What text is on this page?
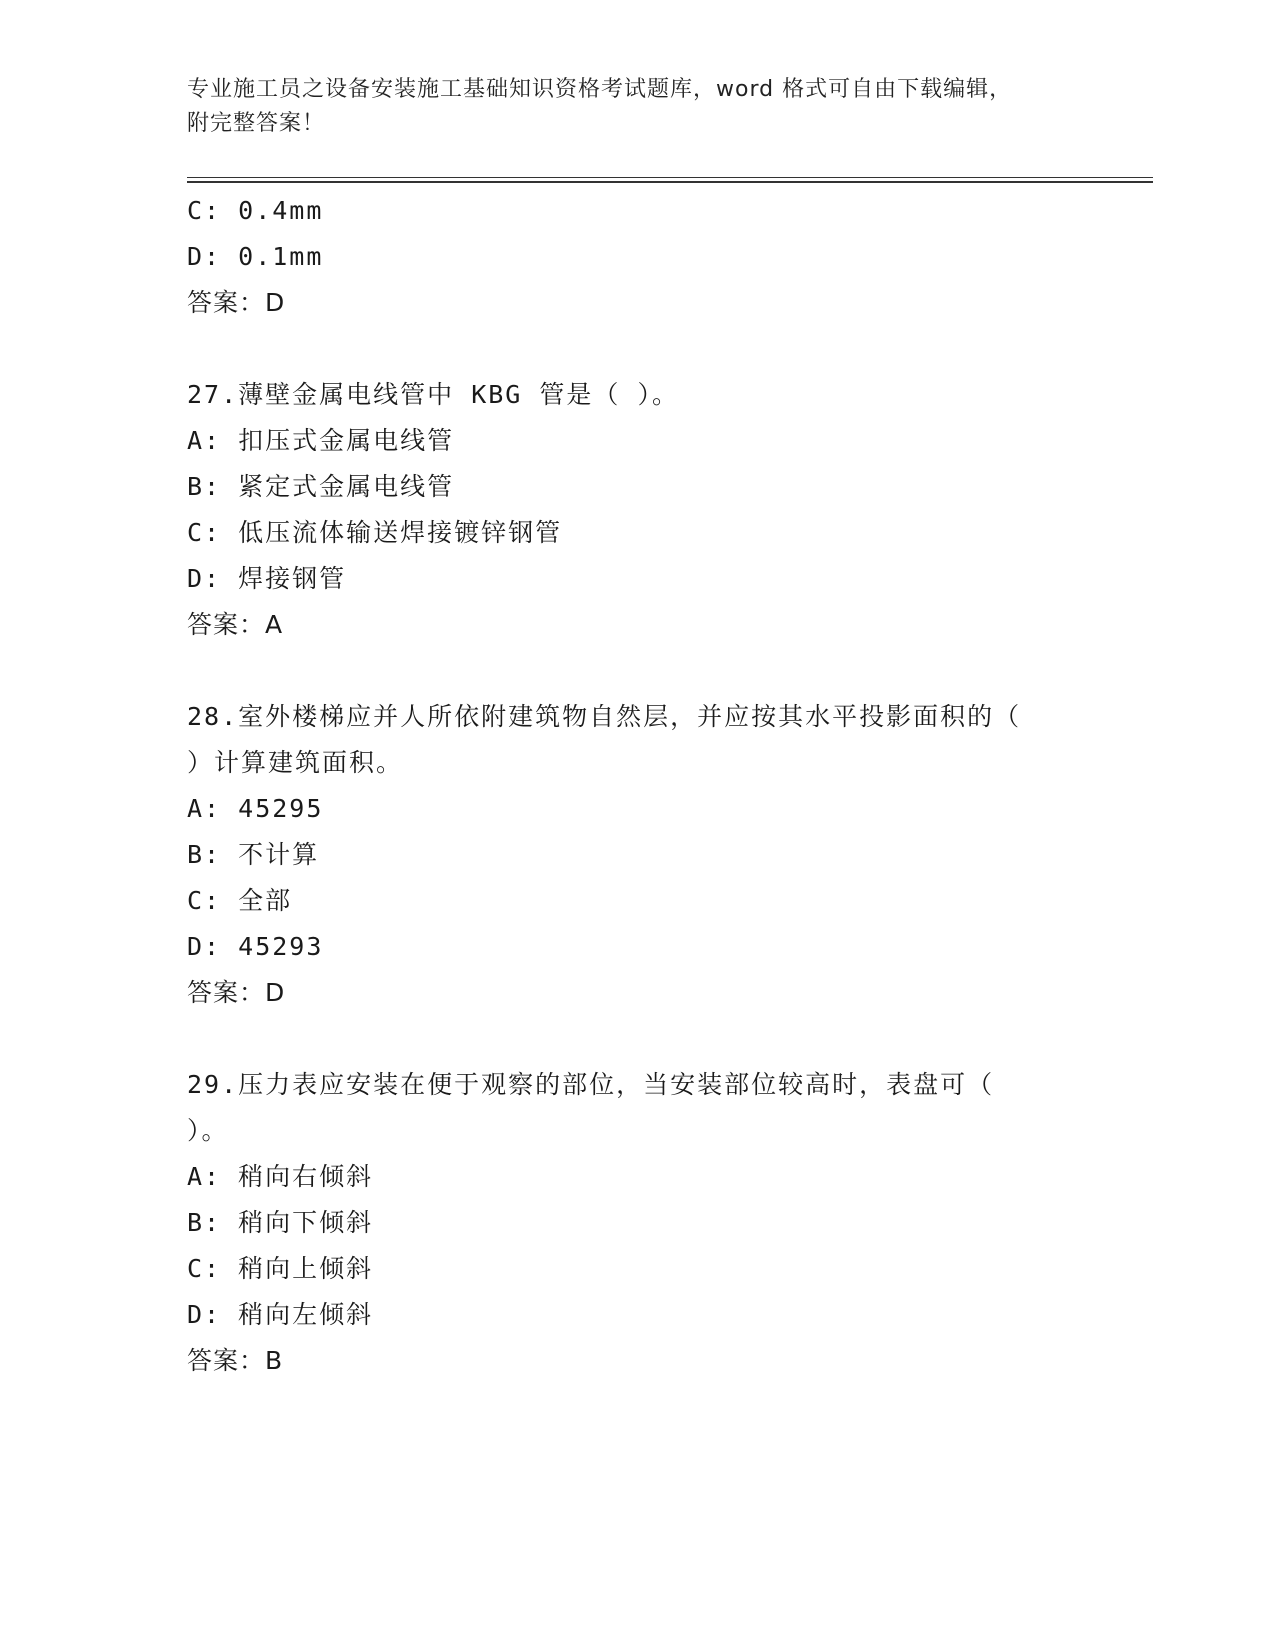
专业施工员之设备安装施工基础知识资格考试题库，word 格式可自由下载编辑，
附完整答案！
C: 0.4mm
D: 0.1mm
答案：D
27.薄壁金属电线管中 KBG 管是（ ）。
A: 扣压式金属电线管
B: 紧定式金属电线管
C: 低压流体输送焊接镀锌钢管
D: 焊接钢管
答案：A
28.室外楼梯应并人所依附建筑物自然层，并应按其水平投影面积的（
）计算建筑面积。
A: 45295
B: 不计算
C: 全部
D: 45293
答案：D
29.压力表应安装在便于观察的部位，当安装部位较高时，表盘可（
）。
A: 稍向右倾斜
B: 稍向下倾斜
C: 稍向上倾斜
D: 稍向左倾斜
答案：B
